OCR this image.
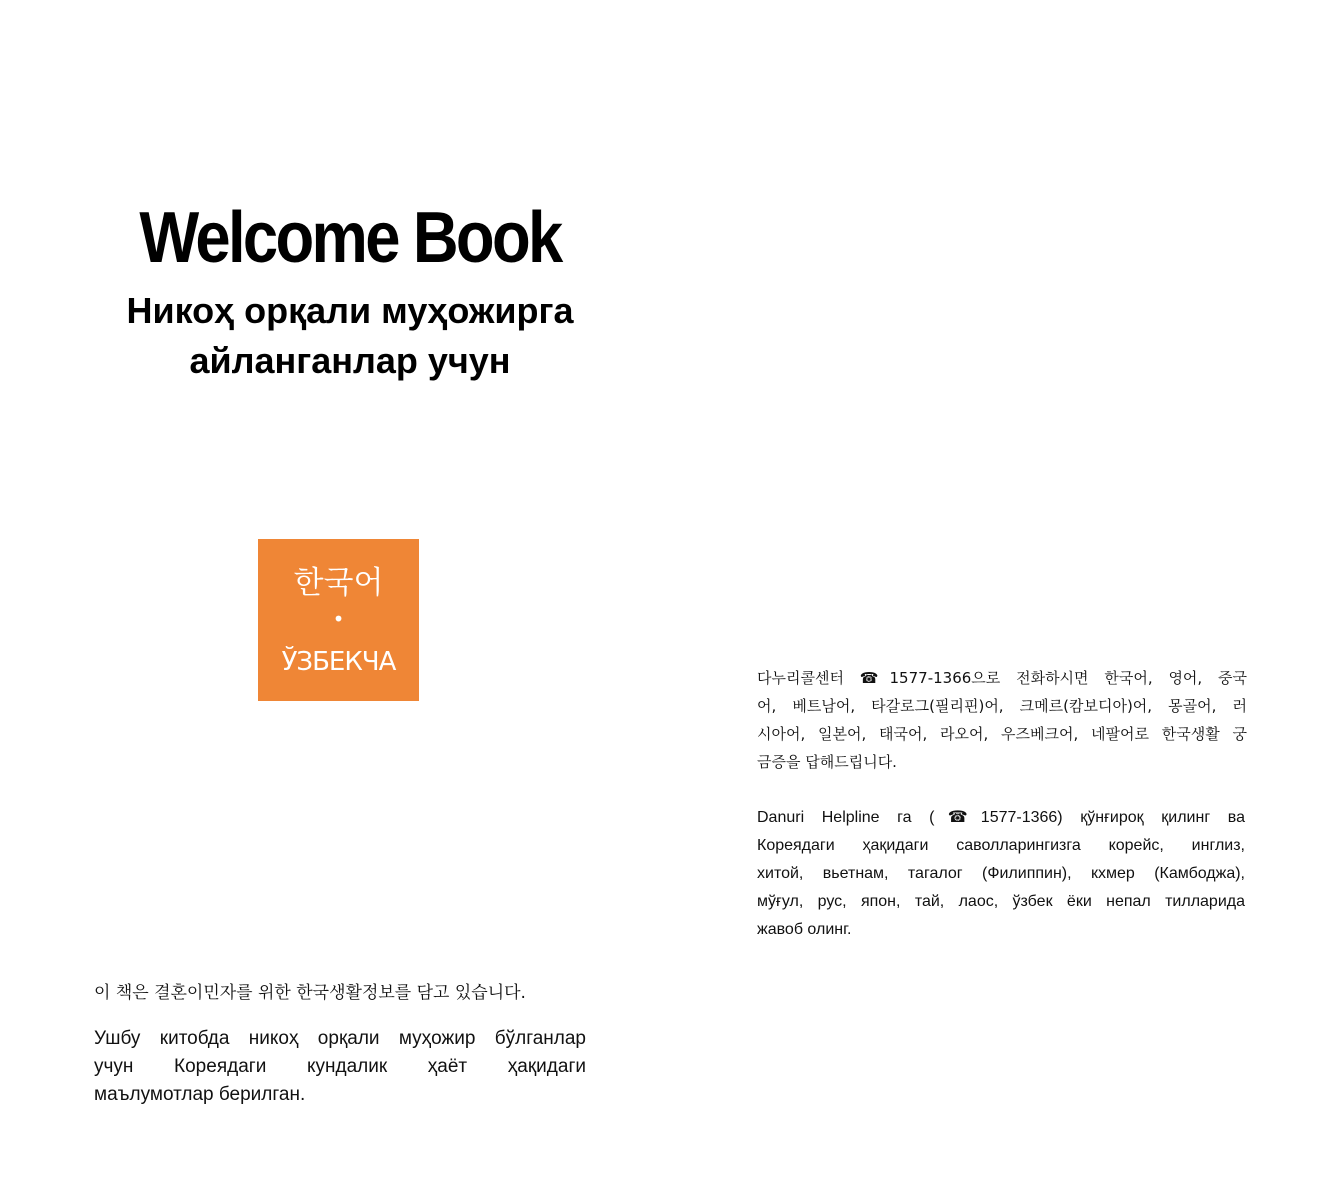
Welcome Book
Никоҳ орқали муҳожирга
айланганлар учун
한국어
•
ЎЗБЕКЧА

다누리콜센터 ☎1577-1366으로 전화하시면 한국어, 영어, 중국
어, 베트남어, 타갈로그(필리핀)어, 크메르(캄보디아)어, 몽골어, 러
시아어, 일본어, 태국어, 라오어, 우즈베크어, 네팔어로 한국생활 궁
금증을 답해드립니다.

Danuri Helpline га (☎1577-1366) қўнғироқ қилинг ва
Кореядаги ҳақидаги саволларингизга корейс, инглиз,
хитой, вьетнам, тагалог (Филиппин), кхмер (Камбоджа),
мўғул, рус, япон, тай, лаос, ўзбек ёки непал тилларида
жавоб олинг.

이 책은 결혼이민자를 위한 한국생활정보를 담고 있습니다.

Ушбу китобда никоҳ орқали муҳожир бўлганлар
учун Кореядаги кундалик ҳаёт ҳақидаги
маълумотлар берилган.
